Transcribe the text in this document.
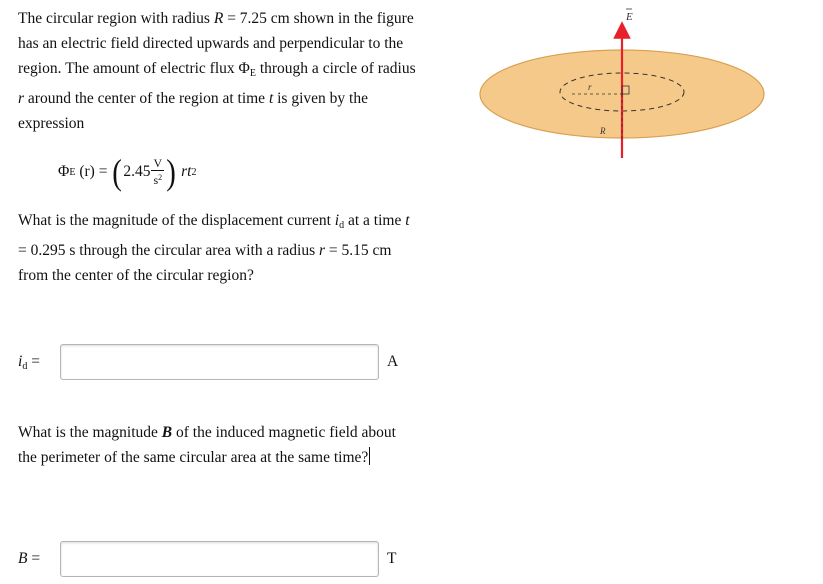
The circular region with radius R = 7.25 cm shown in the figure has an electric field directed upwards and perpendicular to the region. The amount of electric flux $\Phi_E$ through a circle of radius r around the center of the region at time t is given by the expression

Φ E (r) = ( $2.45 \frac{V}{s^2}$ ) rt 2

What is the magnitude of the displacement current $i_d$ at a time t = 0.295 s through the circular area with a radius r = 5.15 cm from the center of the circular region?

$i_d$ =	A

What is the magnitude B of the induced magnetic field about the perimeter of the same circular area at the same time?

B =	T
E
r
R
